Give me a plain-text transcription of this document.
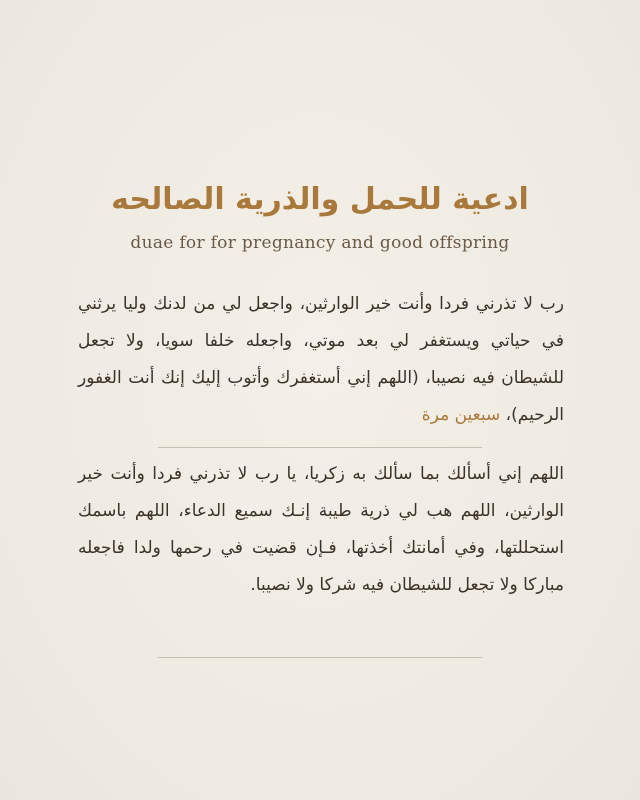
ادعية للحمل والذرية الصالحه

duae for for pregnancy and good offspring

رب لا تذرني فردا وأنت خير الوارثين، واجعل لي من لدنك وليا يرثني في حياتي ويستغفر لي بعد موتي، واجعله خلفا سويا، ولا تجعل للشيطان فيه نصيبا، (اللهم إني أستغفرك وأتوب إليك إنك أنت الغفور الرحيم)، سبعين مرة

اللهم إني أسألك بما سألك به زكريا، يا رب لا تذرني فردا وأنت خير الوارثين، اللهم هب لي ذرية طيبة إنـك سميع الدعاء، اللهم باسمك استحللتها، وفي أمانتك أخذتها، فـإن قضيت في رحمها ولدا فاجعله مباركا ولا تجعل للشيطان فيه شركا ولا نصيبا.
